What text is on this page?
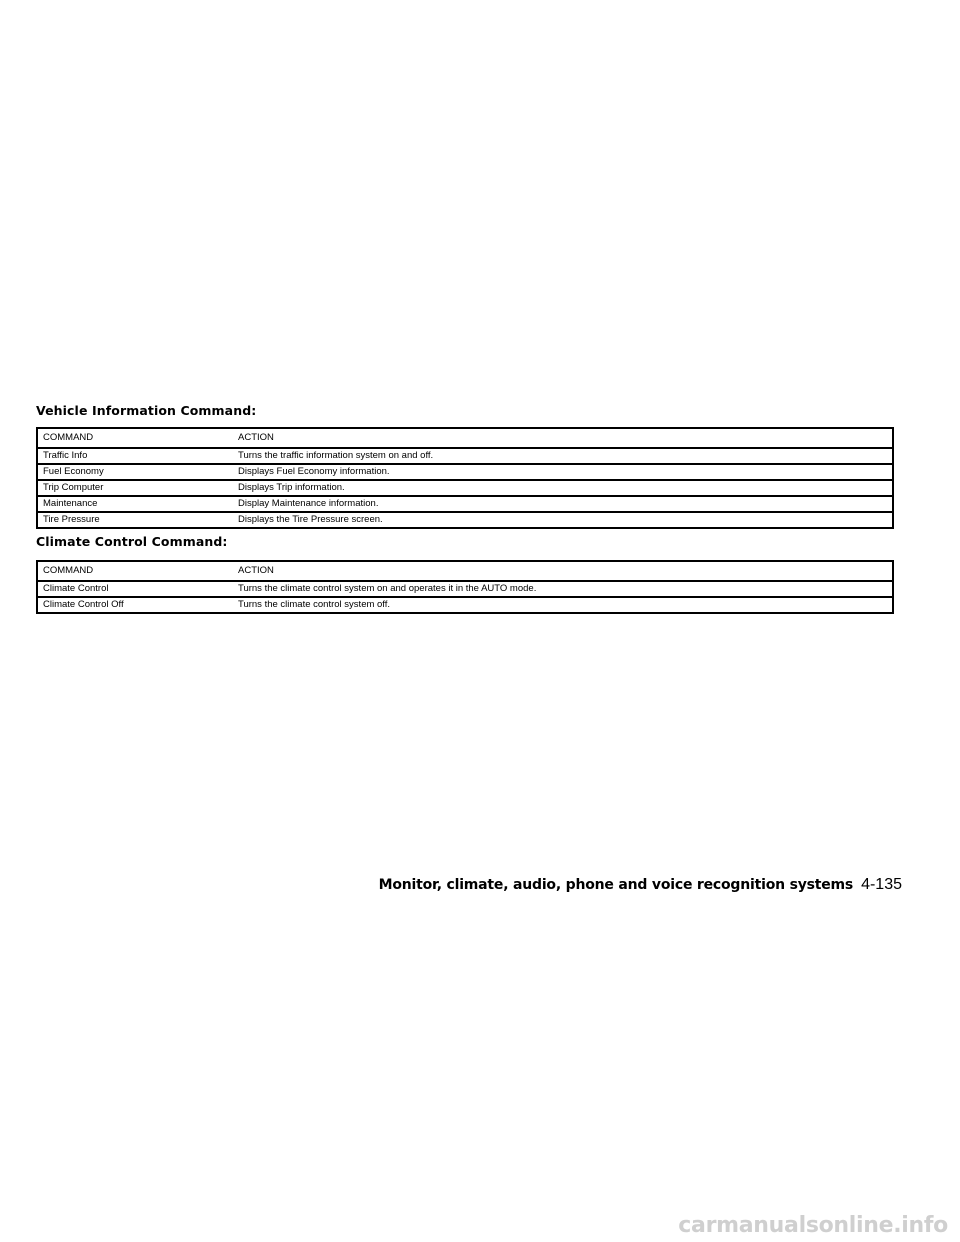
Vehicle Information Command:
COMMAND	ACTION
Traffic Info	Turns the traffic information system on and off.
Fuel Economy	Displays Fuel Economy information.
Trip Computer	Displays Trip information.
Maintenance	Display Maintenance information.
Tire Pressure	Displays the Tire Pressure screen.
Climate Control Command:
COMMAND	ACTION
Climate Control	Turns the climate control system on and operates it in the AUTO mode.
Climate Control Off	Turns the climate control system off.
Monitor, climate, audio, phone and voice recognition systems 4-135
carmanualsonline.info
